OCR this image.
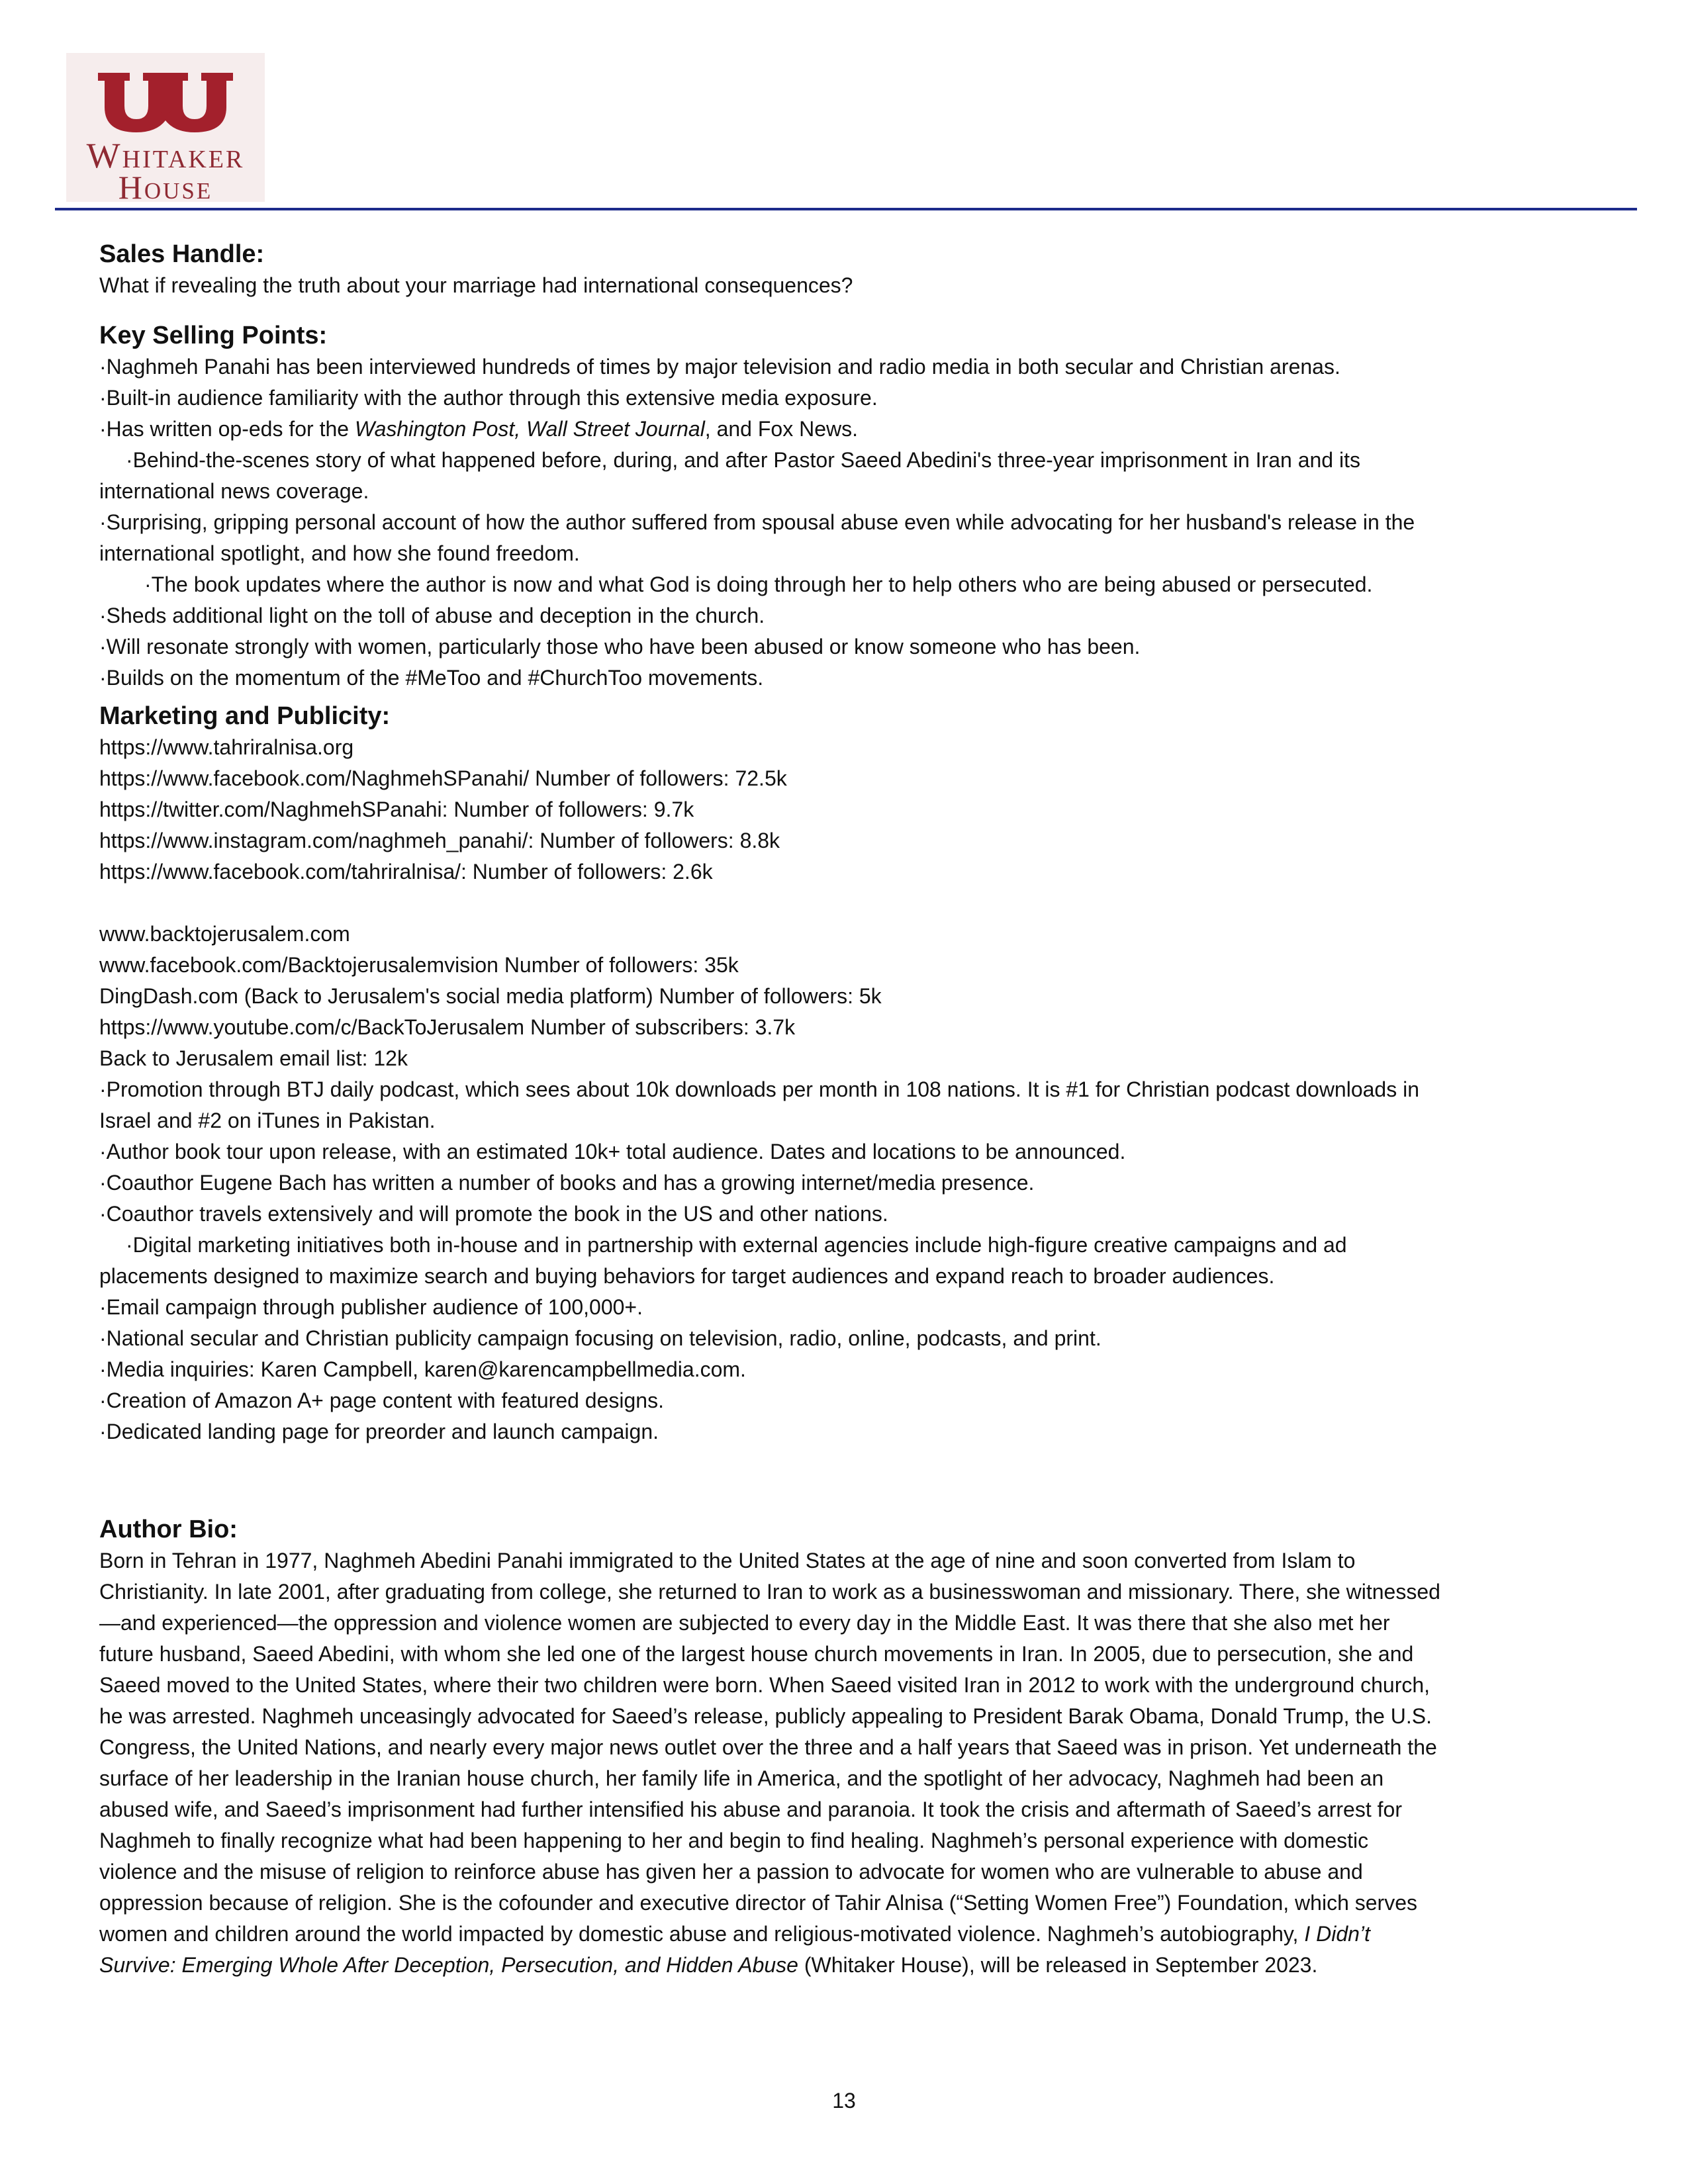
Whitaker
House

Sales Handle:

What if revealing the truth about your marriage had international consequences?

Key Selling Points:

·Naghmeh Panahi has been interviewed hundreds of times by major television and radio media in both secular and Christian arenas.

·Built-in audience familiarity with the author through this extensive media exposure.

·Has written op-eds for the Washington Post, Wall Street Journal, and Fox News.

·Behind-the-scenes story of what happened before, during, and after Pastor Saeed Abedini's three-year imprisonment in Iran and its international news coverage.

·Surprising, gripping personal account of how the author suffered from spousal abuse even while advocating for her husband's release in the international spotlight, and how she found freedom.

·The book updates where the author is now and what God is doing through her to help others who are being abused or persecuted.

·Sheds additional light on the toll of abuse and deception in the church.

·Will resonate strongly with women, particularly those who have been abused or know someone who has been.

·Builds on the momentum of the #MeToo and #ChurchToo movements.

Marketing and Publicity:

https://www.tahriralnisa.org

https://www.facebook.com/NaghmehSPanahi/ Number of followers: 72.5k

https://twitter.com/NaghmehSPanahi: Number of followers: 9.7k

https://www.instagram.com/naghmeh_panahi/: Number of followers: 8.8k

https://www.facebook.com/tahriralnisa/: Number of followers: 2.6k

www.backtojerusalem.com

www.facebook.com/Backtojerusalemvision Number of followers: 35k

DingDash.com (Back to Jerusalem's social media platform) Number of followers: 5k

https://www.youtube.com/c/BackToJerusalem Number of subscribers: 3.7k

Back to Jerusalem email list: 12k

·Promotion through BTJ daily podcast, which sees about 10k downloads per month in 108 nations. It is #1 for Christian podcast downloads in Israel and #2 on iTunes in Pakistan.

·Author book tour upon release, with an estimated 10k+ total audience. Dates and locations to be announced.

·Coauthor Eugene Bach has written a number of books and has a growing internet/media presence.

·Coauthor travels extensively and will promote the book in the US and other nations.

·Digital marketing initiatives both in-house and in partnership with external agencies include high-figure creative campaigns and ad placements designed to maximize search and buying behaviors for target audiences and expand reach to broader audiences.

·Email campaign through publisher audience of 100,000+.

·National secular and Christian publicity campaign focusing on television, radio, online, podcasts, and print.

·Media inquiries: Karen Campbell, karen@karencampbellmedia.com.

·Creation of Amazon A+ page content with featured designs.

·Dedicated landing page for preorder and launch campaign.

Author Bio:

Born in Tehran in 1977, Naghmeh Abedini Panahi immigrated to the United States at the age of nine and soon converted from Islam to Christianity. In late 2001, after graduating from college, she returned to Iran to work as a businesswoman and missionary. There, she witnessed—and experienced—the oppression and violence women are subjected to every day in the Middle East. It was there that she also met her future husband, Saeed Abedini, with whom she led one of the largest house church movements in Iran. In 2005, due to persecution, she and Saeed moved to the United States, where their two children were born. When Saeed visited Iran in 2012 to work with the underground church, he was arrested. Naghmeh unceasingly advocated for Saeed’s release, publicly appealing to President Barak Obama, Donald Trump, the U.S. Congress, the United Nations, and nearly every major news outlet over the three and a half years that Saeed was in prison. Yet underneath the surface of her leadership in the Iranian house church, her family life in America, and the spotlight of her advocacy, Naghmeh had been an abused wife, and Saeed’s imprisonment had further intensified his abuse and paranoia. It took the crisis and aftermath of Saeed’s arrest for Naghmeh to finally recognize what had been happening to her and begin to find healing. Naghmeh’s personal experience with domestic violence and the misuse of religion to reinforce abuse has given her a passion to advocate for women who are vulnerable to abuse and oppression because of religion. She is the cofounder and executive director of Tahir Alnisa (“Setting Women Free”) Foundation, which serves women and children around the world impacted by domestic abuse and religious-motivated violence. Naghmeh’s autobiography, I Didn’t Survive: Emerging Whole After Deception, Persecution, and Hidden Abuse (Whitaker House), will be released in September 2023.

13
